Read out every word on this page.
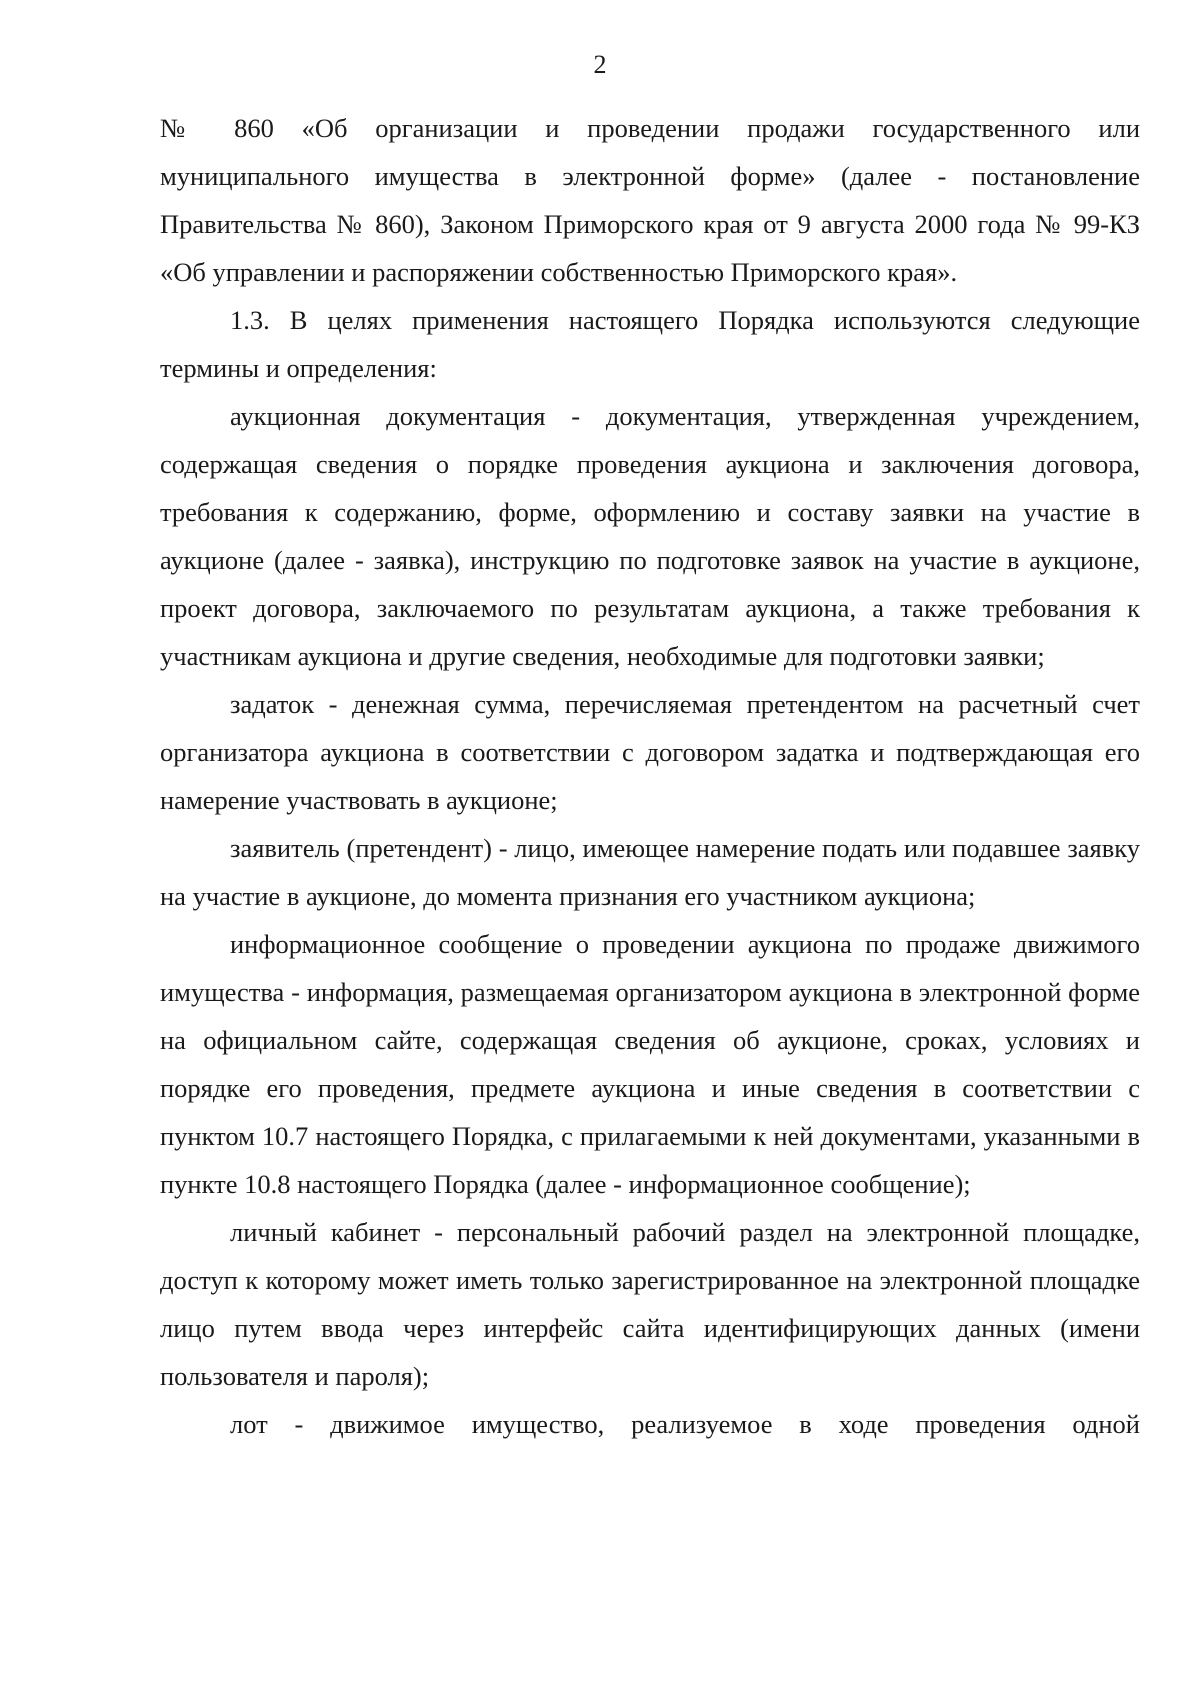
2

№ 860 «Об организации и проведении продажи государственного или муниципального имущества в электронной форме» (далее - постановление Правительства № 860), Законом Приморского края от 9 августа 2000 года № 99-КЗ «Об управлении и распоряжении собственностью Приморского края».

1.3. В целях применения настоящего Порядка используются следующие термины и определения:

аукционная документация - документация, утвержденная учреждением, содержащая сведения о порядке проведения аукциона и заключения договора, требования к содержанию, форме, оформлению и составу заявки на участие в аукционе (далее - заявка), инструкцию по подготовке заявок на участие в аукционе, проект договора, заключаемого по результатам аукциона, а также требования к участникам аукциона и другие сведения, необходимые для подготовки заявки;

задаток - денежная сумма, перечисляемая претендентом на расчетный счет организатора аукциона в соответствии с договором задатка и подтверждающая его намерение участвовать в аукционе;

заявитель (претендент) - лицо, имеющее намерение подать или подавшее заявку на участие в аукционе, до момента признания его участником аукциона;

информационное сообщение о проведении аукциона по продаже движимого имущества - информация, размещаемая организатором аукциона в электронной форме на официальном сайте, содержащая сведения об аукционе, сроках, условиях и порядке его проведения, предмете аукциона и иные сведения в соответствии с пунктом 10.7 настоящего Порядка, с прилагаемыми к ней документами, указанными в пункте 10.8 настоящего Порядка (далее - информационное сообщение);

личный кабинет - персональный рабочий раздел на электронной площадке, доступ к которому может иметь только зарегистрированное на электронной площадке лицо путем ввода через интерфейс сайта идентифицирующих данных (имени пользователя и пароля);

лот - движимое имущество, реализуемое в ходе проведения одной
